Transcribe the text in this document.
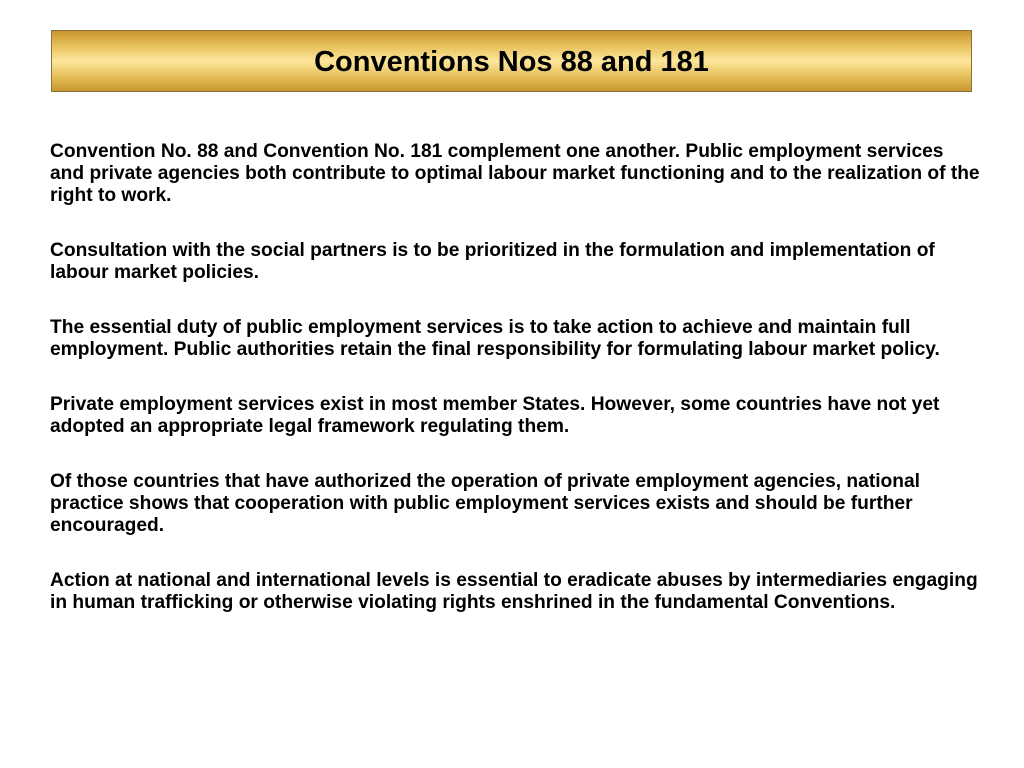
Conventions Nos 88 and 181

Convention No. 88 and Convention No. 181 complement one another. Public employment services and private agencies both contribute to optimal labour market functioning and to the realization of the right to work.

Consultation with the social partners is to be prioritized in the formulation and implementation of labour market policies.

The essential duty of public employment services is to take action to achieve and maintain full employment. Public authorities retain the final responsibility for formulating labour market policy.

Private employment services exist in most member States. However, some countries have not yet adopted an appropriate legal framework regulating them.

Of those countries that have authorized the operation of private employment agencies, national practice shows that cooperation with public employment services exists and should be further encouraged.

Action at national and international levels is essential to eradicate abuses by intermediaries engaging in human trafficking or otherwise violating rights enshrined in the fundamental Conventions.
